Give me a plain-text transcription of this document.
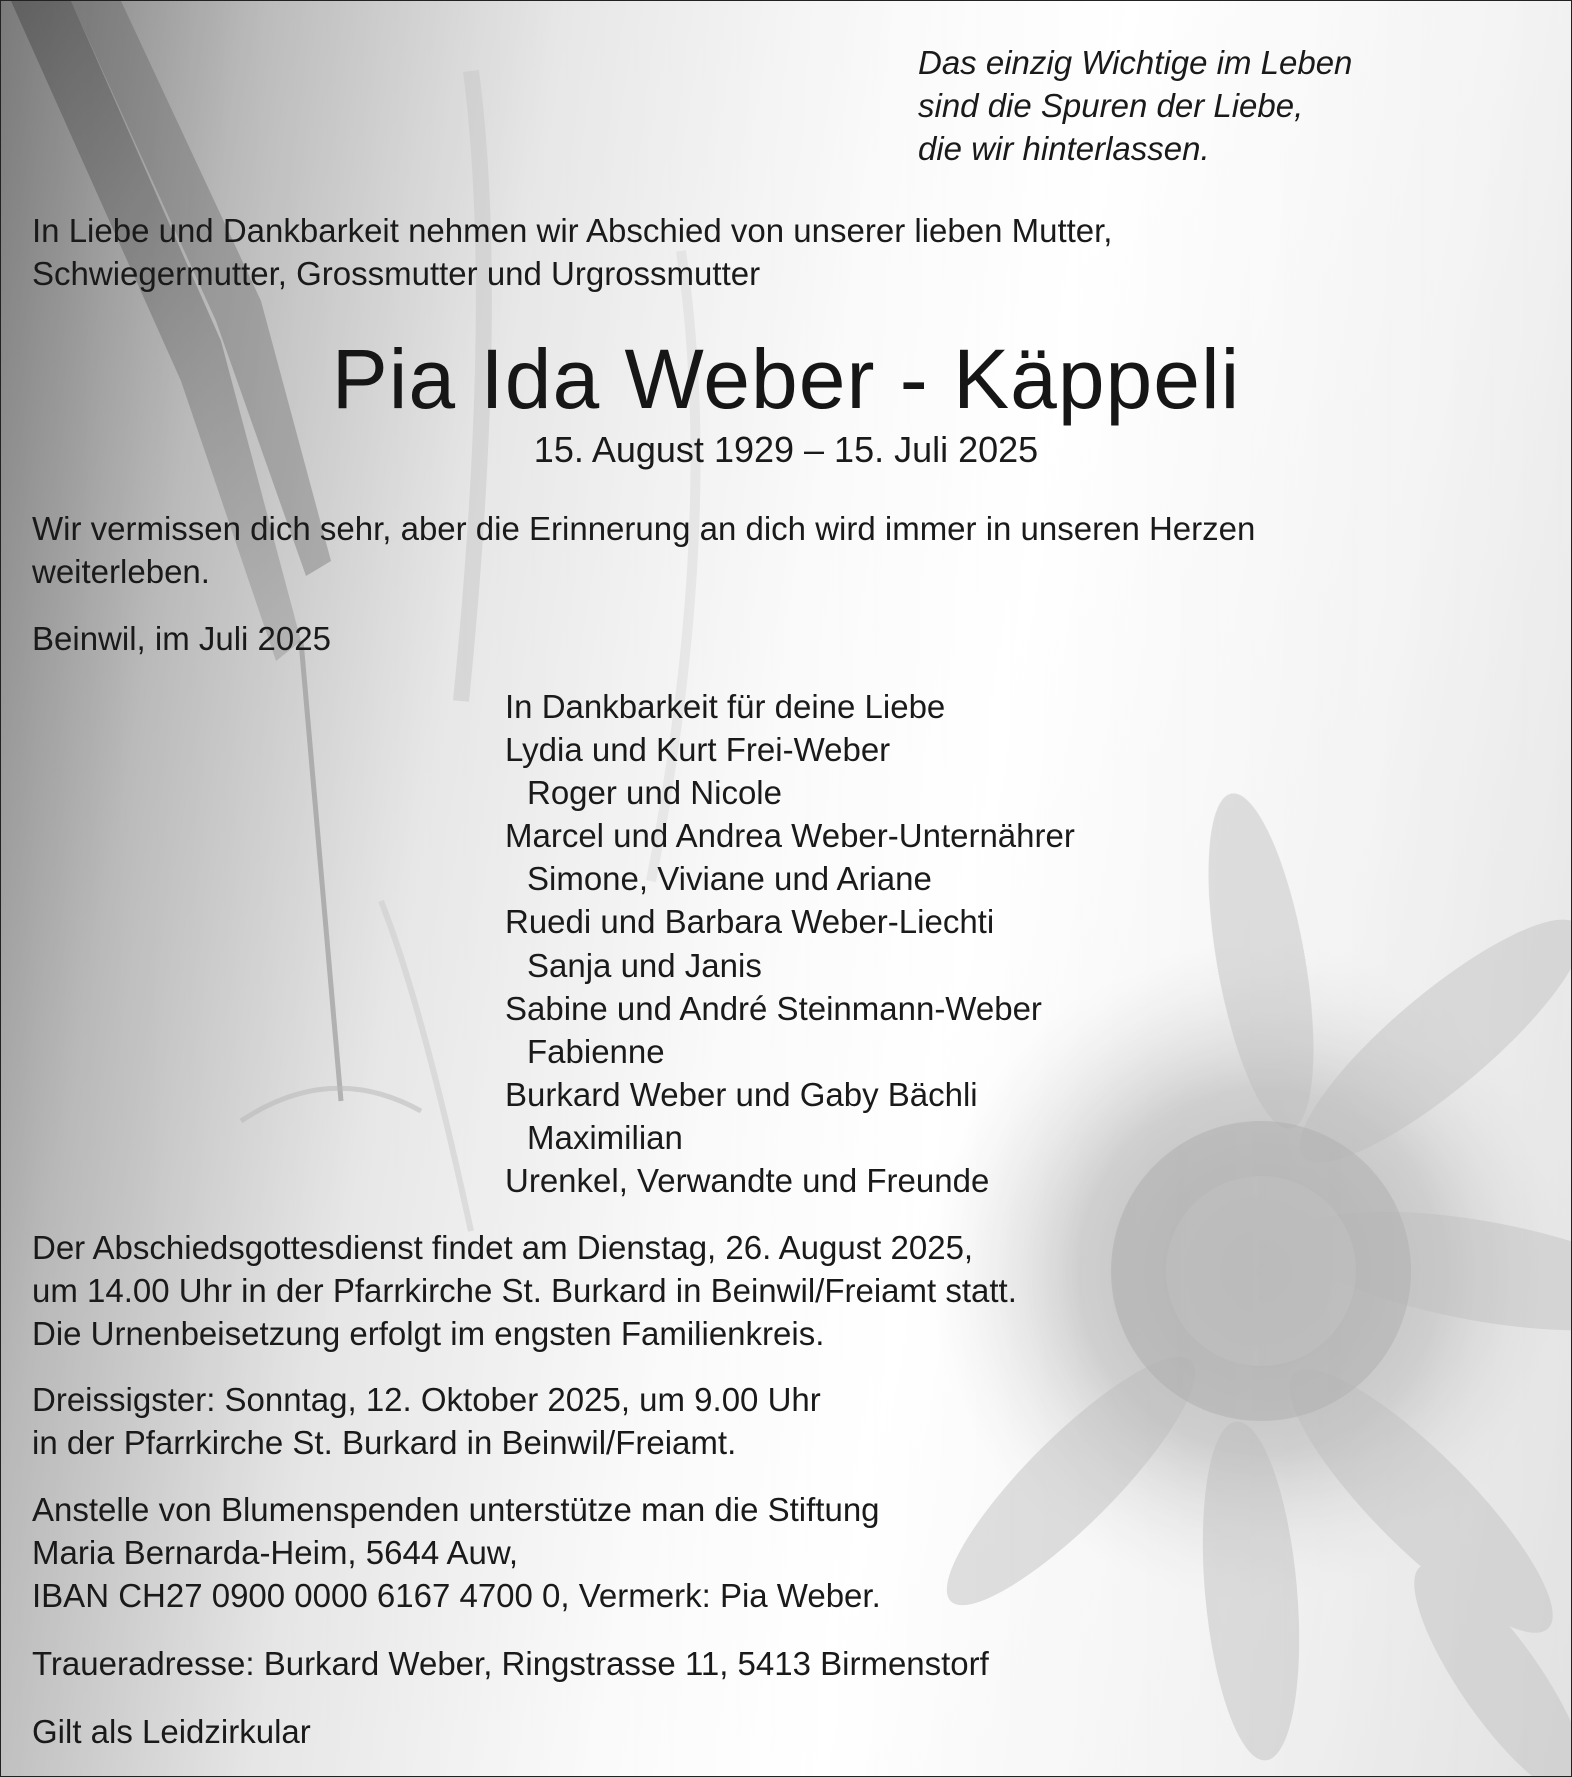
Das einzig Wichtige im Leben

sind die Spuren der Liebe,

die wir hinterlassen.

In Liebe und Dankbarkeit nehmen wir Abschied von unserer lieben Mutter,

Schwiegermutter, Grossmutter und Urgrossmutter

Pia Ida Weber - Käppeli
15. August 1929 – 15. Juli 2025

Wir vermissen dich sehr, aber die Erinnerung an dich wird immer in unseren Herzen

weiterleben.

Beinwil, im Juli 2025

In Dankbarkeit für deine Liebe

Lydia und Kurt Frei-Weber

Roger und Nicole

Marcel und Andrea Weber-Unternährer

Simone, Viviane und Ariane

Ruedi und Barbara Weber-Liechti

Sanja und Janis

Sabine und André Steinmann-Weber

Fabienne

Burkard Weber und Gaby Bächli

Maximilian

Urenkel, Verwandte und Freunde

Der Abschiedsgottesdienst findet am Dienstag, 26. August 2025,

um 14.00 Uhr in der Pfarrkirche St. Burkard in Beinwil/Freiamt statt.

Die Urnenbeisetzung erfolgt im engsten Familienkreis.

Dreissigster: Sonntag, 12. Oktober 2025, um 9.00 Uhr

in der Pfarrkirche St. Burkard in Beinwil/Freiamt.

Anstelle von Blumenspenden unterstütze man die Stiftung

Maria Bernarda-Heim, 5644 Auw,

IBAN CH27 0900 0000 6167 4700 0, Vermerk: Pia Weber.

Traueradresse: Burkard Weber, Ringstrasse 11, 5413 Birmenstorf
Gilt als Leidzirkular
